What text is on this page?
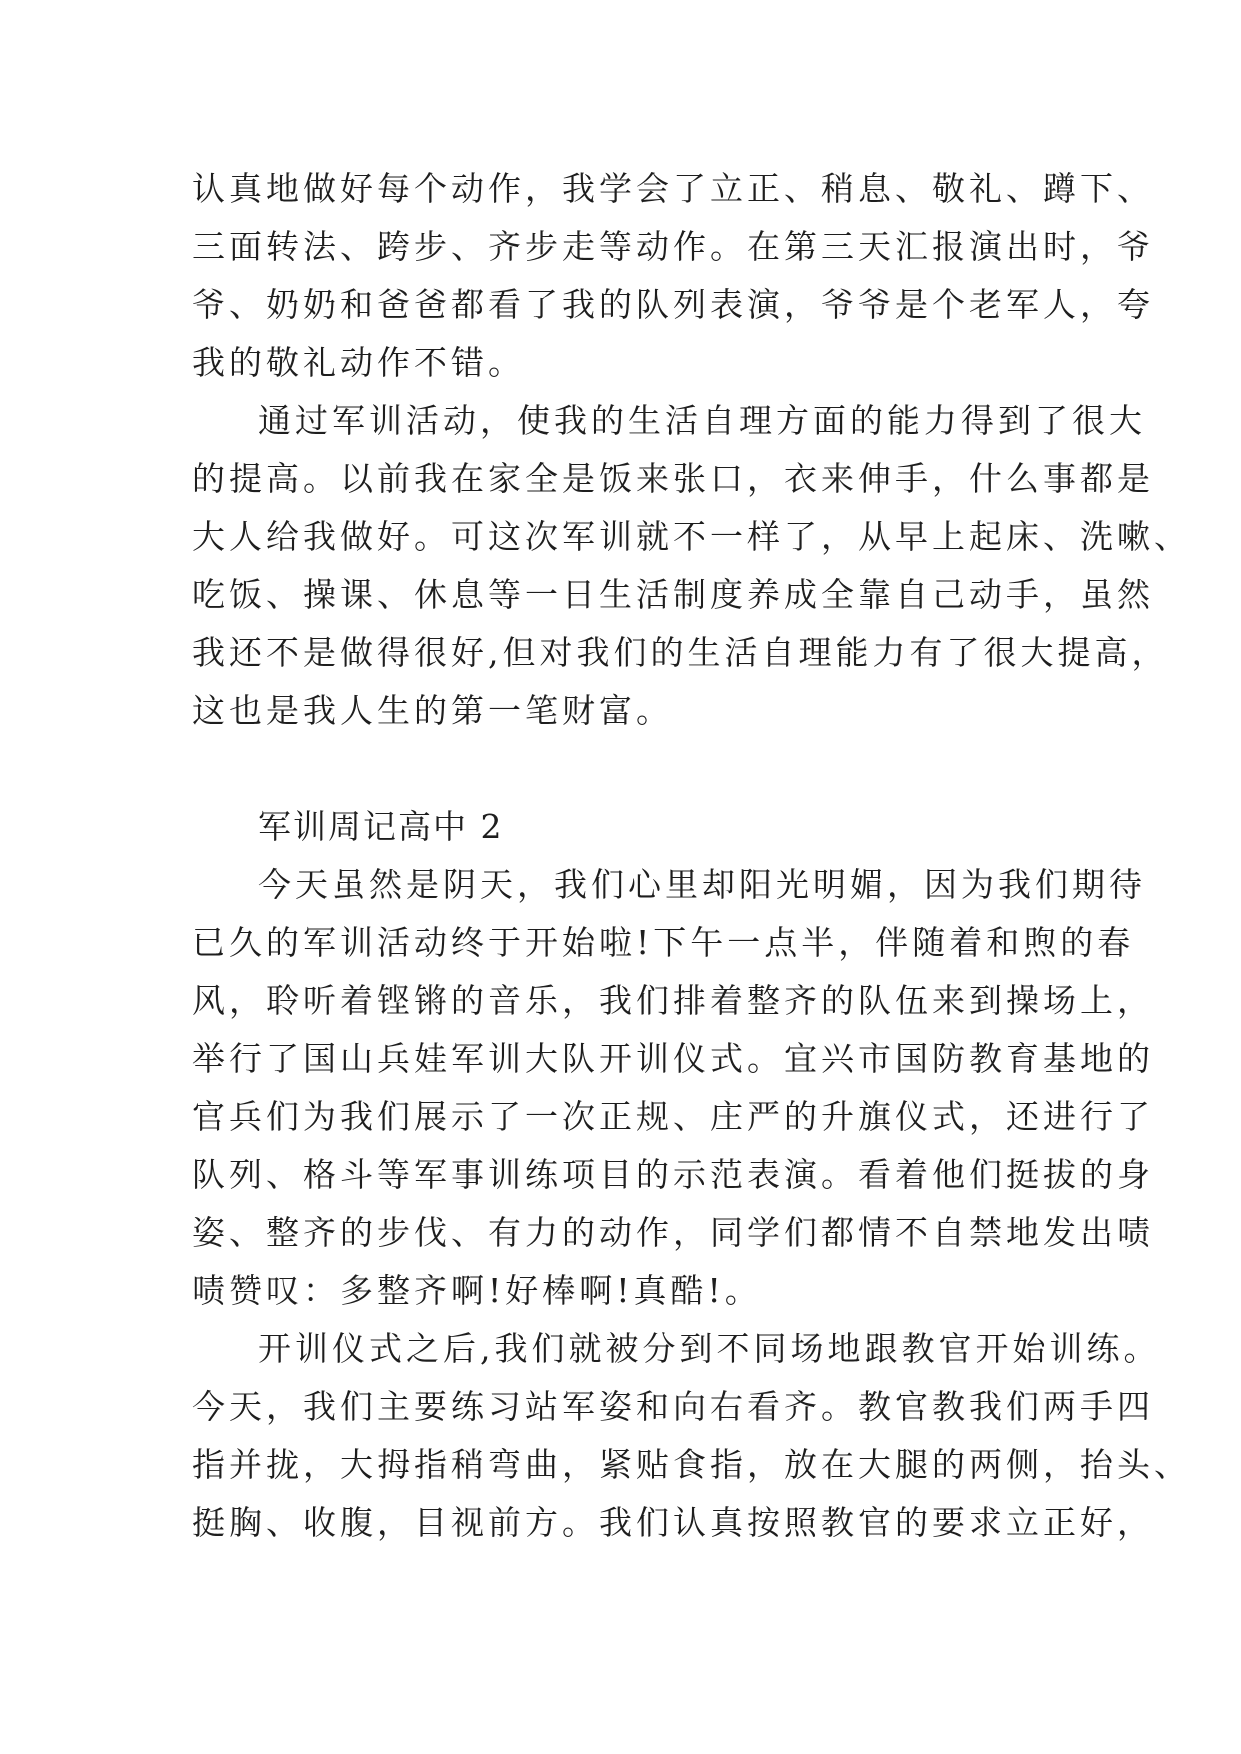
认真地做好每个动作，我学会了立正、稍息、敬礼、蹲下、
三面转法、跨步、齐步走等动作。在第三天汇报演出时，爷
爷、奶奶和爸爸都看了我的队列表演，爷爷是个老军人，夸
我的敬礼动作不错。
通过军训活动，使我的生活自理方面的能力得到了很大
的提高。以前我在家全是饭来张口，衣来伸手，什么事都是
大人给我做好。可这次军训就不一样了，从早上起床、洗嗽、
吃饭、操课、休息等一日生活制度养成全靠自己动手，虽然
我还不是做得很好,但对我们的生活自理能力有了很大提高，
这也是我人生的第一笔财富。
军训周记高中 2
今天虽然是阴天，我们心里却阳光明媚，因为我们期待
已久的军训活动终于开始啦!下午一点半，伴随着和煦的春
风，聆听着铿锵的音乐，我们排着整齐的队伍来到操场上，
举行了国山兵娃军训大队开训仪式。宜兴市国防教育基地的
官兵们为我们展示了一次正规、庄严的升旗仪式，还进行了
队列、格斗等军事训练项目的示范表演。看着他们挺拔的身
姿、整齐的步伐、有力的动作，同学们都情不自禁地发出啧
啧赞叹：多整齐啊!好棒啊!真酷!。
开训仪式之后,我们就被分到不同场地跟教官开始训练。
今天，我们主要练习站军姿和向右看齐。教官教我们两手四
指并拢，大拇指稍弯曲，紧贴食指，放在大腿的两侧，抬头、
挺胸、收腹，目视前方。我们认真按照教官的要求立正好，
